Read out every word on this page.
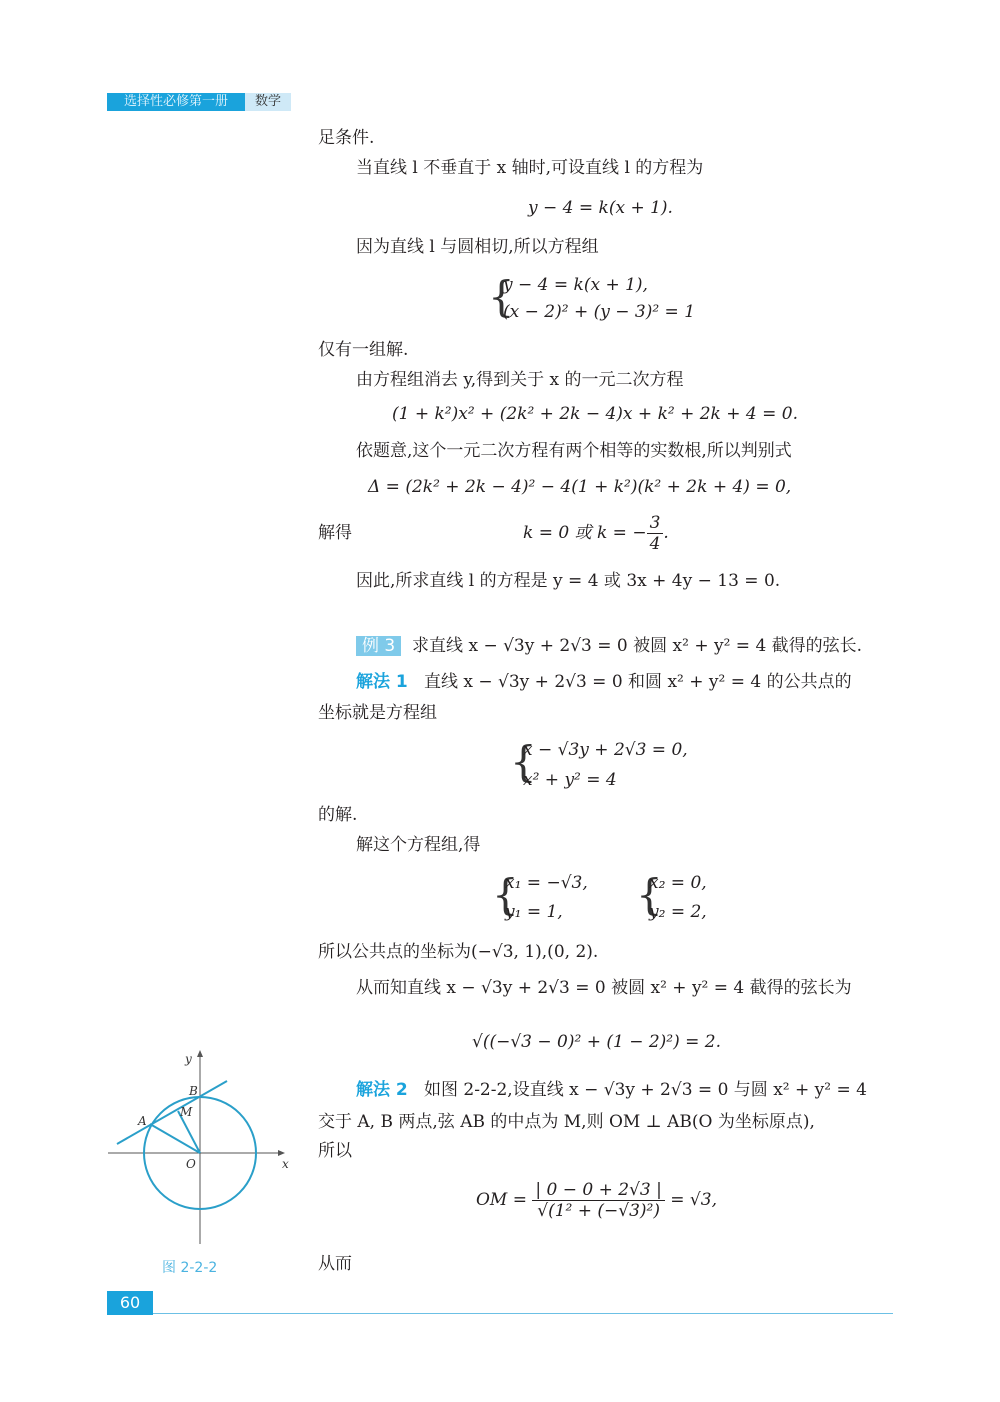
选择性必修第一册	数学
足条件.
当直线 l 不垂直于 x 轴时,可设直线 l 的方程为
y − 4 = k(x + 1).
因为直线 l 与圆相切,所以方程组
{
y − 4 = k(x + 1),
(x − 2)² + (y − 3)² = 1
仅有一组解.
由方程组消去 y,得到关于 x 的一元二次方程
(1 + k²)x² + (2k² + 2k − 4)x + k² + 2k + 4 = 0.
依题意,这个一元二次方程有两个相等的实数根,所以判别式
Δ = (2k² + 2k − 4)² − 4(1 + k²)(k² + 2k + 4) = 0,
解得	k = 0 或 k = − $\frac{3}{4}$ .
因此,所求直线 l 的方程是 y = 4 或 3x + 4y − 13 = 0.
例 3 求直线 x − √3y + 2√3 = 0 被圆 x² + y² = 4 截得的弦长.
解法 1 直线 x − √3y + 2√3 = 0 和圆 x² + y² = 4 的公共点的
坐标就是方程组
{
x − √3y + 2√3 = 0,
x² + y² = 4
的解.
解这个方程组,得
{
x₁ = −√3,
y₁ = 1, {
x₂ = 0,
y₂ = 2,
所以公共点的坐标为(−√3, 1),(0, 2).
从而知直线 x − √3y + 2√3 = 0 被圆 x² + y² = 4 截得的弦长为
√((−√3 − 0)² + (1 − 2)²) = 2.
解法 2 如图 2-2-2,设直线 x − √3y + 2√3 = 0 与圆 x² + y² = 4
交于 A, B 两点,弦 AB 的中点为 M,则 OM ⊥ AB(O 为坐标原点),
所以
OM = $\frac{| 0 - 0 + 2√3 |}{\text{√(1² + (−√3)²)}} = √3$,
从而
y
x
O
A
B
M
图 2-2-2
60
